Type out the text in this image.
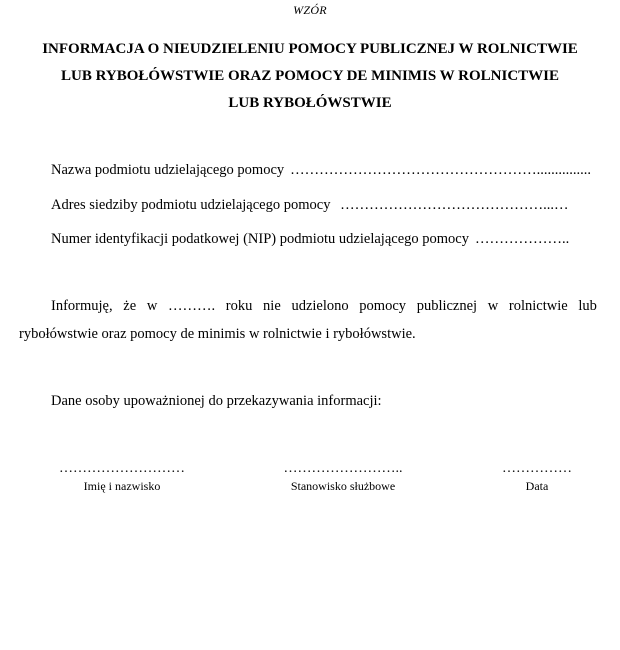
WZÓR
INFORMACJA O NIEUDZIELENIU POMOCY PUBLICZNEJ W ROLNICTWIE
LUB RYBOŁÓWSTWIE ORAZ POMOCY DE MINIMIS W ROLNICTWIE
LUB RYBOŁÓWSTWIE
Nazwa podmiotu udzielającego pomocy ……………………………………………...............
Adres siedziby podmiotu udzielającego pomocy ……………………………………...…
Numer identyfikacji podatkowej (NIP) podmiotu udzielającego pomocy ………………..
Informuję, że w ………. roku nie udzielono pomocy publicznej w rolnictwie lub
rybołówstwie oraz pomocy de minimis w rolnictwie i rybołówstwie.
Dane osoby upoważnionej do przekazywania informacji:
………………………
Imię i nazwisko
……………………..
Stanowisko służbowe
……………
Data
